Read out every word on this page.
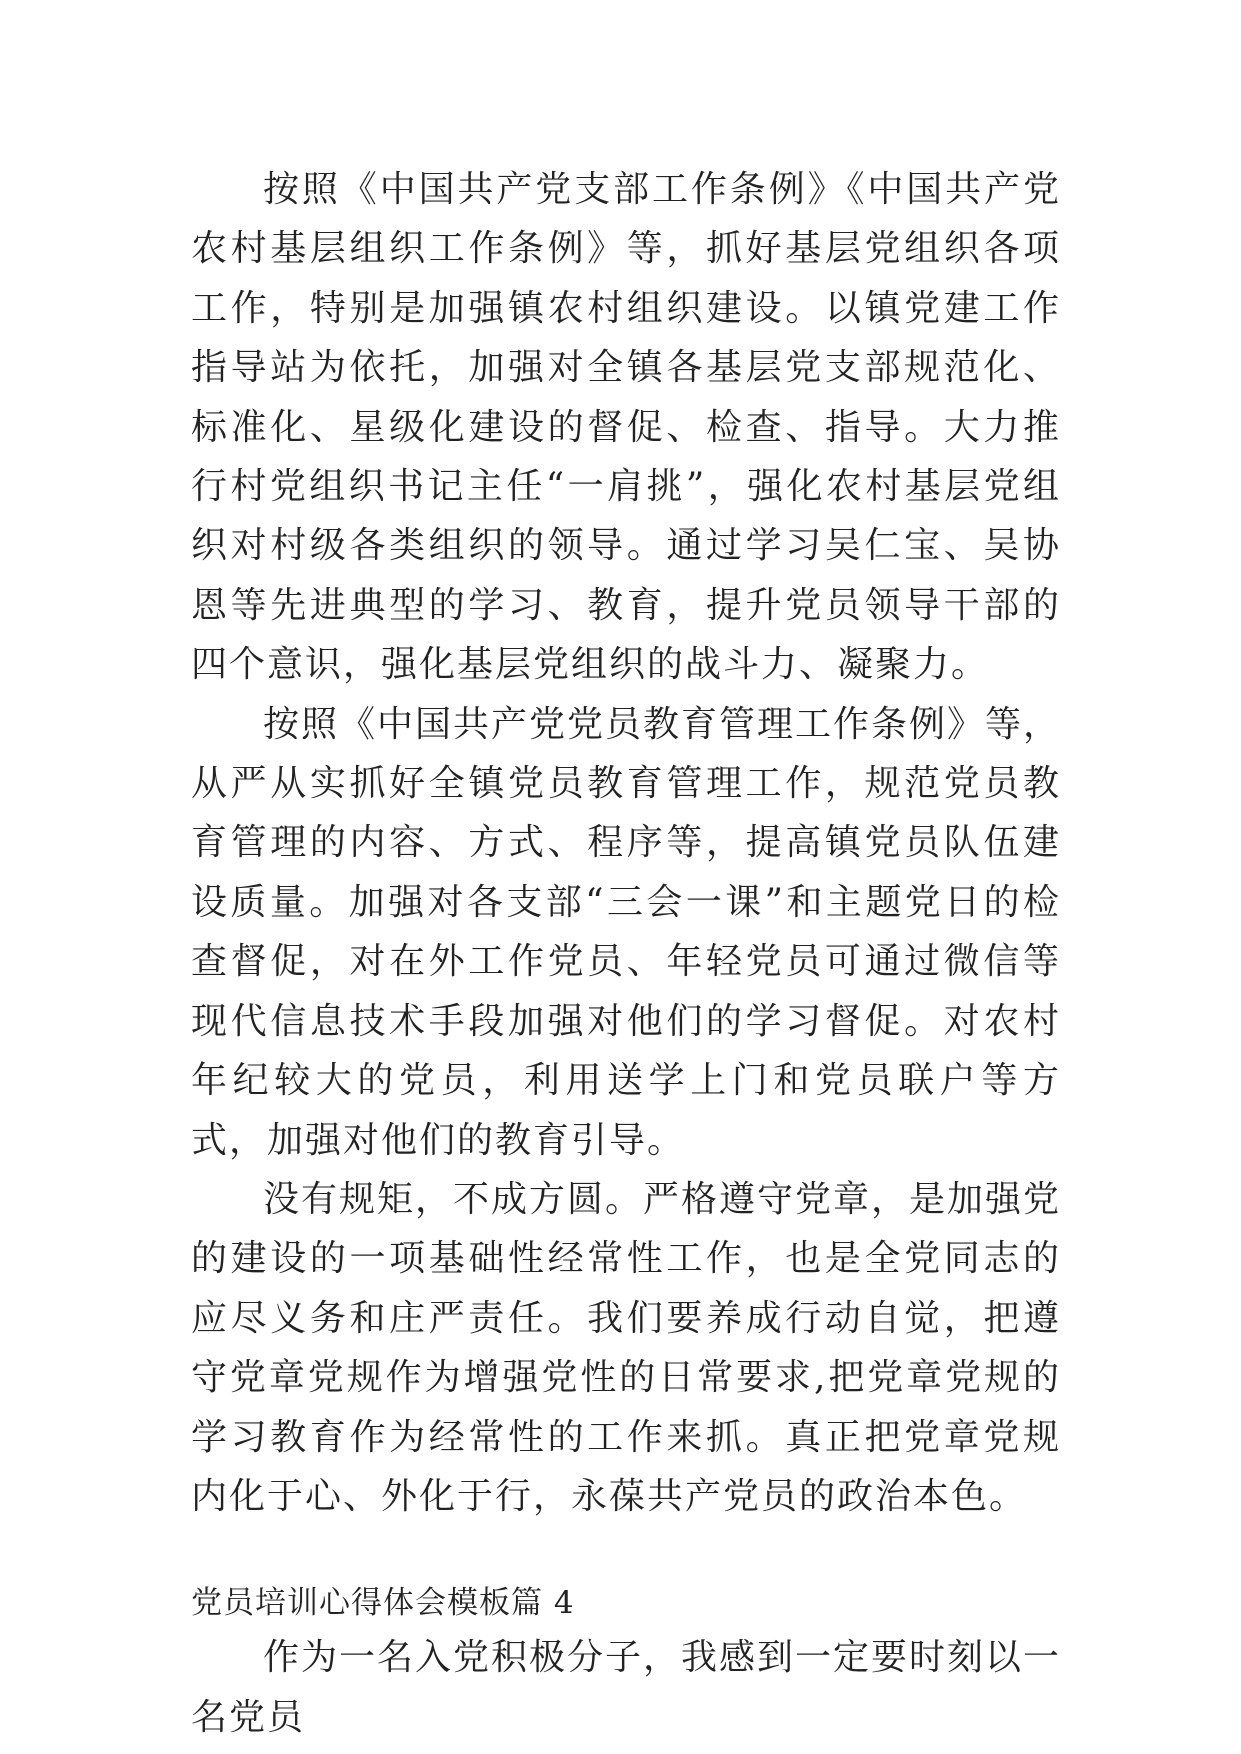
按照《中国共产党支部工作条例》《中国共产党农村基层组织工作条例》等，抓好基层党组织各项工作，特别是加强镇农村组织建设。以镇党建工作指导站为依托，加强对全镇各基层党支部规范化、标准化、星级化建设的督促、检查、指导。大力推行村党组织书记主任“一肩挑”，强化农村基层党组织对村级各类组织的领导。通过学习吴仁宝、吴协恩等先进典型的学习、教育，提升党员领导干部的四个意识，强化基层党组织的战斗力、凝聚力。

按照《中国共产党党员教育管理工作条例》等，从严从实抓好全镇党员教育管理工作，规范党员教育管理的内容、方式、程序等，提高镇党员队伍建设质量。加强对各支部“三会一课”和主题党日的检查督促，对在外工作党员、年轻党员可通过微信等现代信息技术手段加强对他们的学习督促。对农村年纪较大的党员，利用送学上门和党员联户等方式，加强对他们的教育引导。

没有规矩，不成方圆。严格遵守党章，是加强党的建设的一项基础性经常性工作，也是全党同志的应尽义务和庄严责任。我们要养成行动自觉，把遵守党章党规作为增强党性的日常要求,把党章党规的学习教育作为经常性的工作来抓。真正把党章党规内化于心、外化于行，永葆共产党员的政治本色。

党员培训心得体会模板篇 4

作为一名入党积极分子，我感到一定要时刻以一名党员
